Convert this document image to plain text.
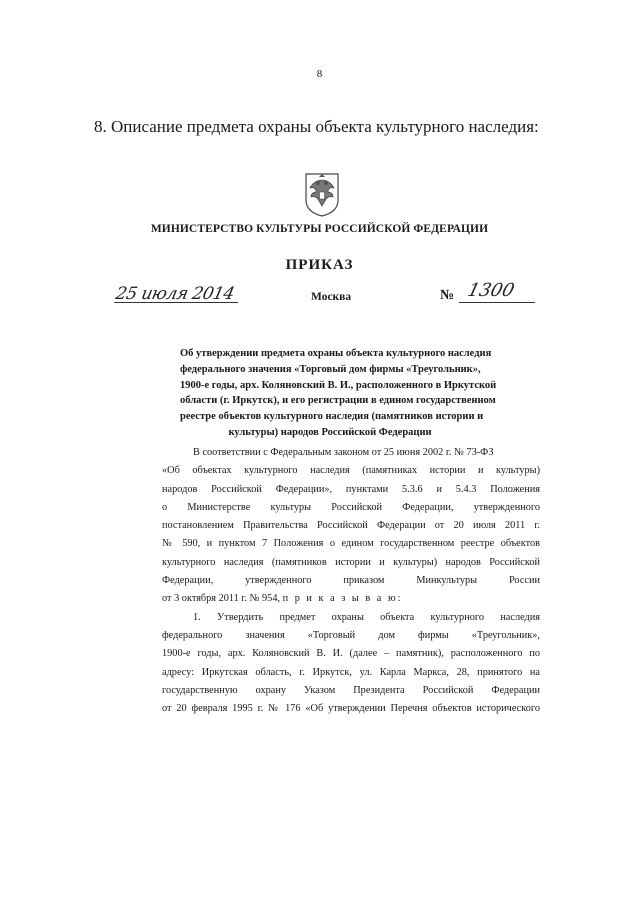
8
8. Описание предмета охраны объекта культурного наследия:
МИНИСТЕРСТВО КУЛЬТУРЫ РОССИЙСКОЙ ФЕДЕРАЦИИ
ПРИКАЗ
25 июля 2014	Москва	№ 1300
Об утверждении предмета охраны объекта культурного наследия
федерального значения «Торговый дом фирмы «Треугольник»,
1900-е годы, арх. Коляновский В. И., расположенного в Иркутской
области (г. Иркутск), и его регистрации в едином государственном
реестре объектов культурного наследия (памятников истории и
культуры) народов Российской Федерации
В соответствии с Федеральным законом от 25 июня 2002 г. № 73-ФЗ
«Об объектах культурного наследия (памятниках истории и культуры)
народов Российской Федерации», пунктами 5.3.6 и 5.4.3 Положения
о Министерстве культуры Российской Федерации, утвержденного
постановлением Правительства Российской Федерации от 20 июля 2011 г.
№ 590, и пунктом 7 Положения о едином государственном реестре объектов
культурного наследия (памятников истории и культуры) народов Российской
Федерации, утвержденного приказом Минкультуры России
от 3 октября 2011 г. № 954, п р и к а з ы в а ю:
1. Утвердить предмет охраны объекта культурного наследия
федерального значения «Торговый дом фирмы «Треугольник»,
1900-е годы, арх. Коляновский В. И. (далее – памятник), расположенного по
адресу: Иркутская область, г. Иркутск, ул. Карла Маркса, 28, принятого на
государственную охрану Указом Президента Российской Федерации
от 20 февраля 1995 г. № 176 «Об утверждении Перечня объектов исторического
